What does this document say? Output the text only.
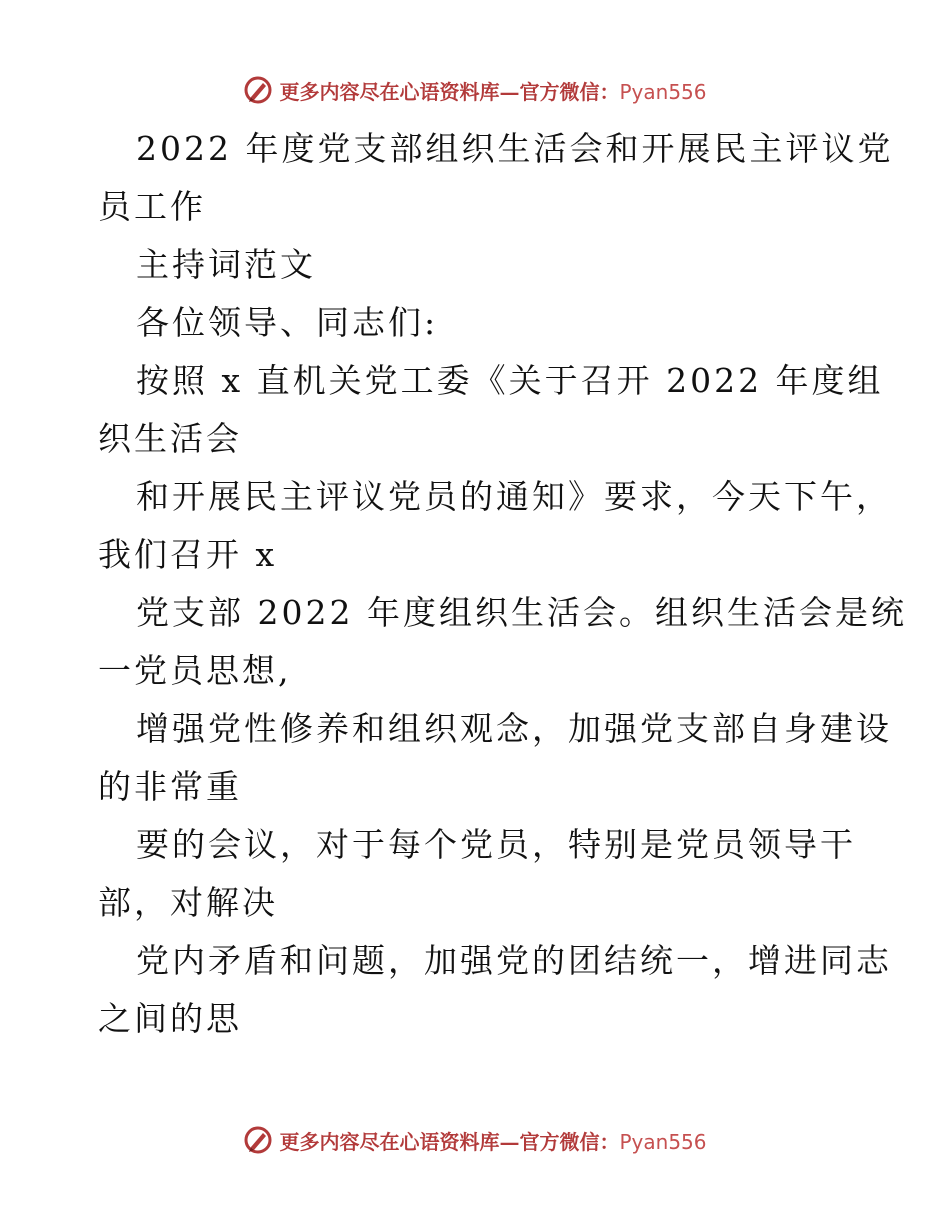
更多内容尽在心语资料库—官方微信：Pyan556
2022 年度党支部组织生活会和开展民主评议党
员工作
主持词范文
各位领导、同志们:
按照 x 直机关党工委《关于召开 2022 年度组
织生活会
和开展民主评议党员的通知》要求，今天下午，
我们召开 x
党支部 2022 年度组织生活会。组织生活会是统
一党员思想,
增强党性修养和组织观念，加强党支部自身建设
的非常重
要的会议，对于每个党员，特别是党员领导干
部，对解决
党内矛盾和问题，加强党的团结统一，增进同志
之间的思
更多内容尽在心语资料库—官方微信：Pyan556
